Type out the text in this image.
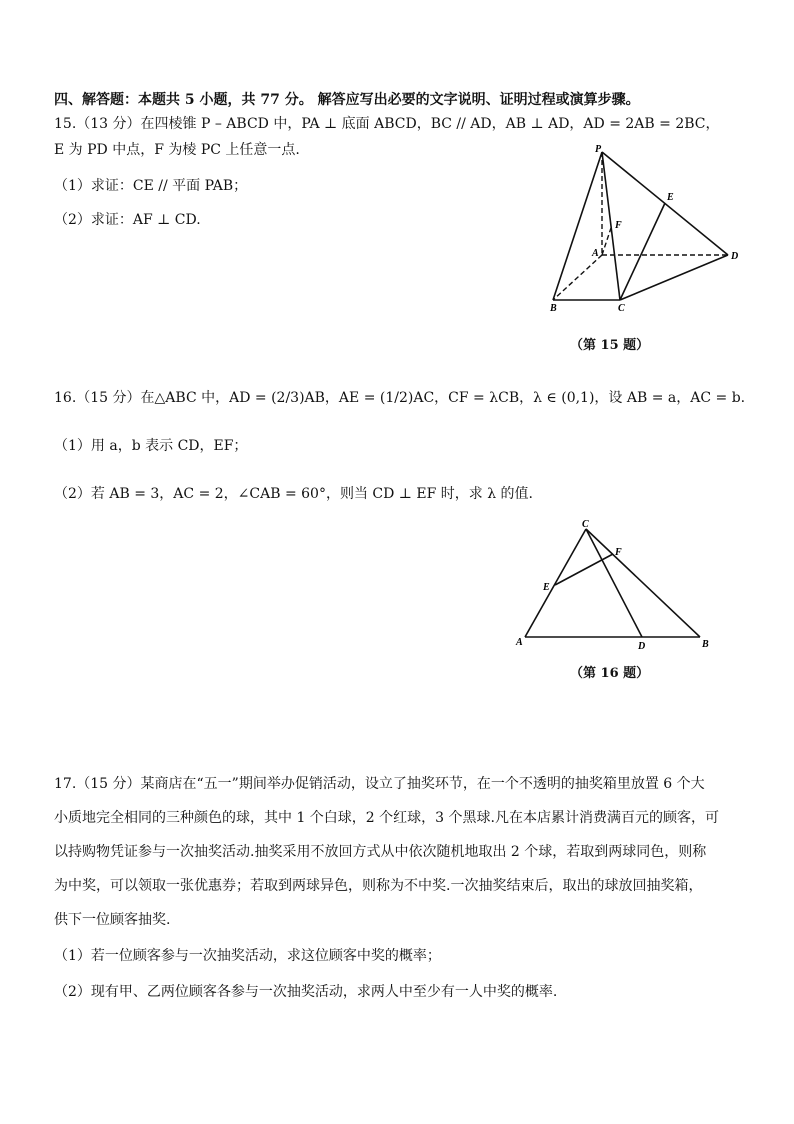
四、解答题：本题共 5 小题，共 77 分。 解答应写出必要的文字说明、证明过程或演算步骤。
15.（13 分）在四棱锥 P – ABCD 中，PA ⊥ 底面 ABCD，BC // AD，AB ⊥ AD，AD = 2AB = 2BC，
E 为 PD 中点，F 为棱 PC 上任意一点.
（1）求证：CE // 平面 PAB；
（2）求证：AF ⊥ CD.
P
E
F
A	D
B	C
（第 15 题）
16.（15 分）在△ABC 中，AD = (2/3)AB，AE = (1/2)AC，CF = λCB，λ ∈ (0,1)，设 AB = a，AC = b.
（1）用 a，b 表示 CD，EF；
（2）若 AB = 3，AC = 2，∠CAB = 60°，则当 CD ⊥ EF 时，求 λ 的值.
C
F
E
A	D	B
（第 16 题）
17.（15 分）某商店在“五一”期间举办促销活动，设立了抽奖环节，在一个不透明的抽奖箱里放置 6 个大
小质地完全相同的三种颜色的球，其中 1 个白球，2 个红球，3 个黑球.凡在本店累计消费满百元的顾客，可
以持购物凭证参与一次抽奖活动.抽奖采用不放回方式从中依次随机地取出 2 个球，若取到两球同色，则称
为中奖，可以领取一张优惠券；若取到两球异色，则称为不中奖.一次抽奖结束后，取出的球放回抽奖箱，
供下一位顾客抽奖.
（1）若一位顾客参与一次抽奖活动，求这位顾客中奖的概率；
（2）现有甲、乙两位顾客各参与一次抽奖活动，求两人中至少有一人中奖的概率.
